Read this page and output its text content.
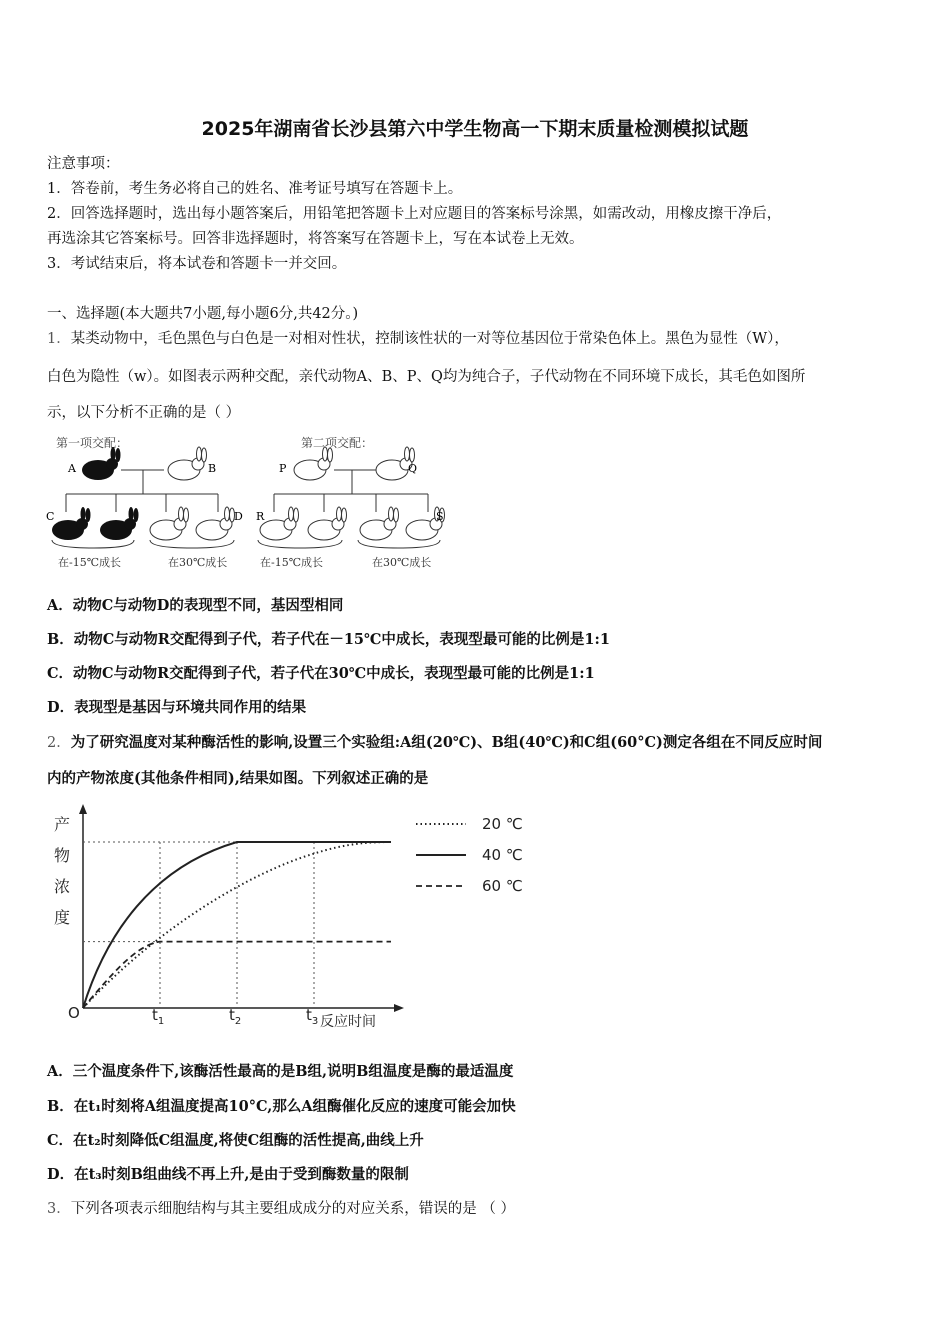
2025年湖南省长沙县第六中学生物高一下期末质量检测模拟试题
注意事项：
1．答卷前，考生务必将自己的姓名、准考证号填写在答题卡上。
2．回答选择题时，选出每小题答案后，用铅笔把答题卡上对应题目的答案标号涂黑，如需改动，用橡皮擦干净后，
再选涂其它答案标号。回答非选择题时，将答案写在答题卡上，写在本试卷上无效。
3．考试结束后，将本试卷和答题卡一并交回。
一、选择题(本大题共7小题,每小题6分,共42分。)
1．某类动物中，毛色黑色与白色是一对相对性状，控制该性状的一对等位基因位于常染色体上。黑色为显性（W），
白色为隐性（w）。如图表示两种交配，亲代动物A、B、P、Q均为纯合子，子代动物在不同环境下成长，其毛色如图所
示，以下分析不正确的是（ ）
第一项交配：	第二项交配：
A	B
C	D
在-15℃成长	在30℃成长
P	Q
R	S
在-15℃成长	在30℃成长
A．动物C与动物D的表现型不同，基因型相同
B．动物C与动物R交配得到子代，若子代在－15℃中成长，表现型最可能的比例是1:1
C．动物C与动物R交配得到子代，若子代在30℃中成长，表现型最可能的比例是1:1
D．表现型是基因与环境共同作用的结果
2．为了研究温度对某种酶活性的影响,设置三个实验组:A组(20℃)、B组(40℃)和C组(60°C)测定各组在不同反应时间
内的产物浓度(其他条件相同),结果如图。下列叙述正确的是
产
物
浓
度
O	反应时间
$t_1$	$t_2$	$t_3$
20 ℃
40 ℃
60 ℃
A．三个温度条件下,该酶活性最高的是B组,说明B组温度是酶的最适温度
B．在t₁时刻将A组温度提高10°C,那么A组酶催化反应的速度可能会加快
C．在t₂时刻降低C组温度,将使C组酶的活性提高,曲线上升
D．在t₃时刻B组曲线不再上升,是由于受到酶数量的限制
3．下列各项表示细胞结构与其主要组成成分的对应关系，错误的是 （ ）
